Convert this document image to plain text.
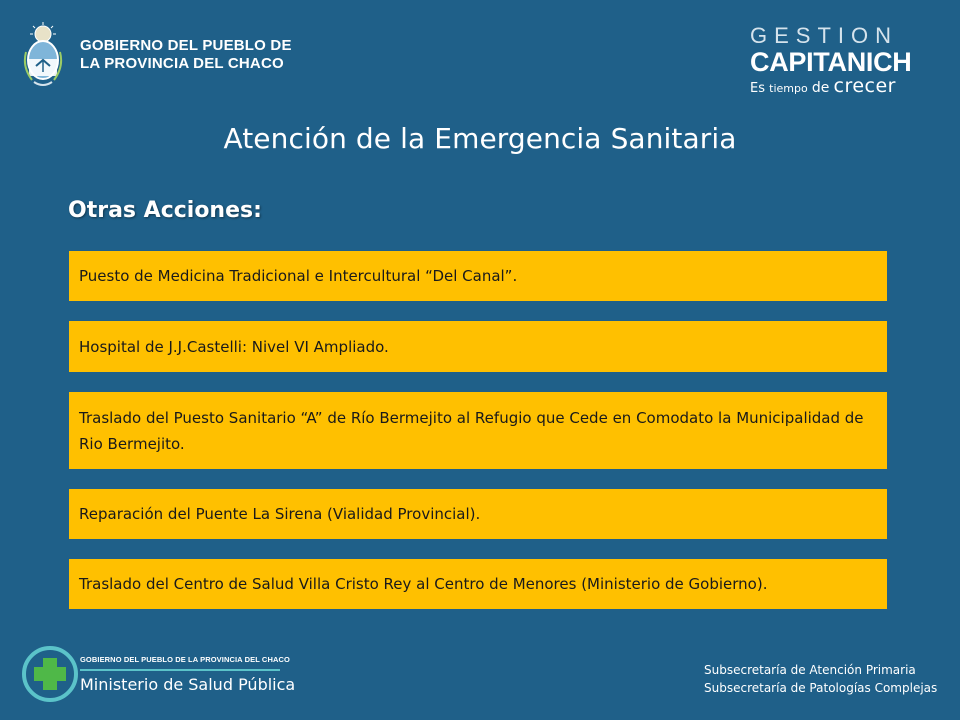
GOBIERNO DEL PUEBLO DE
LA PROVINCIA DEL CHACO
GESTION
CAPITANICH
Es tiempo de crecer
Atención de la Emergencia Sanitaria
Otras Acciones:
Puesto de Medicina Tradicional e Intercultural “Del Canal”.
Hospital de J.J.Castelli: Nivel VI Ampliado.
Traslado del Puesto Sanitario “A” de Río Bermejito al Refugio que Cede en Comodato la Municipalidad de Rio Bermejito.
Reparación del Puente La Sirena (Vialidad Provincial).
Traslado del Centro de Salud Villa Cristo Rey al Centro de Menores (Ministerio de Gobierno).
GOBIERNO DEL PUEBLO DE LA PROVINCIA DEL CHACO
Ministerio de Salud Pública
Subsecretaría de Atención Primaria
Subsecretaría de Patologías Complejas
